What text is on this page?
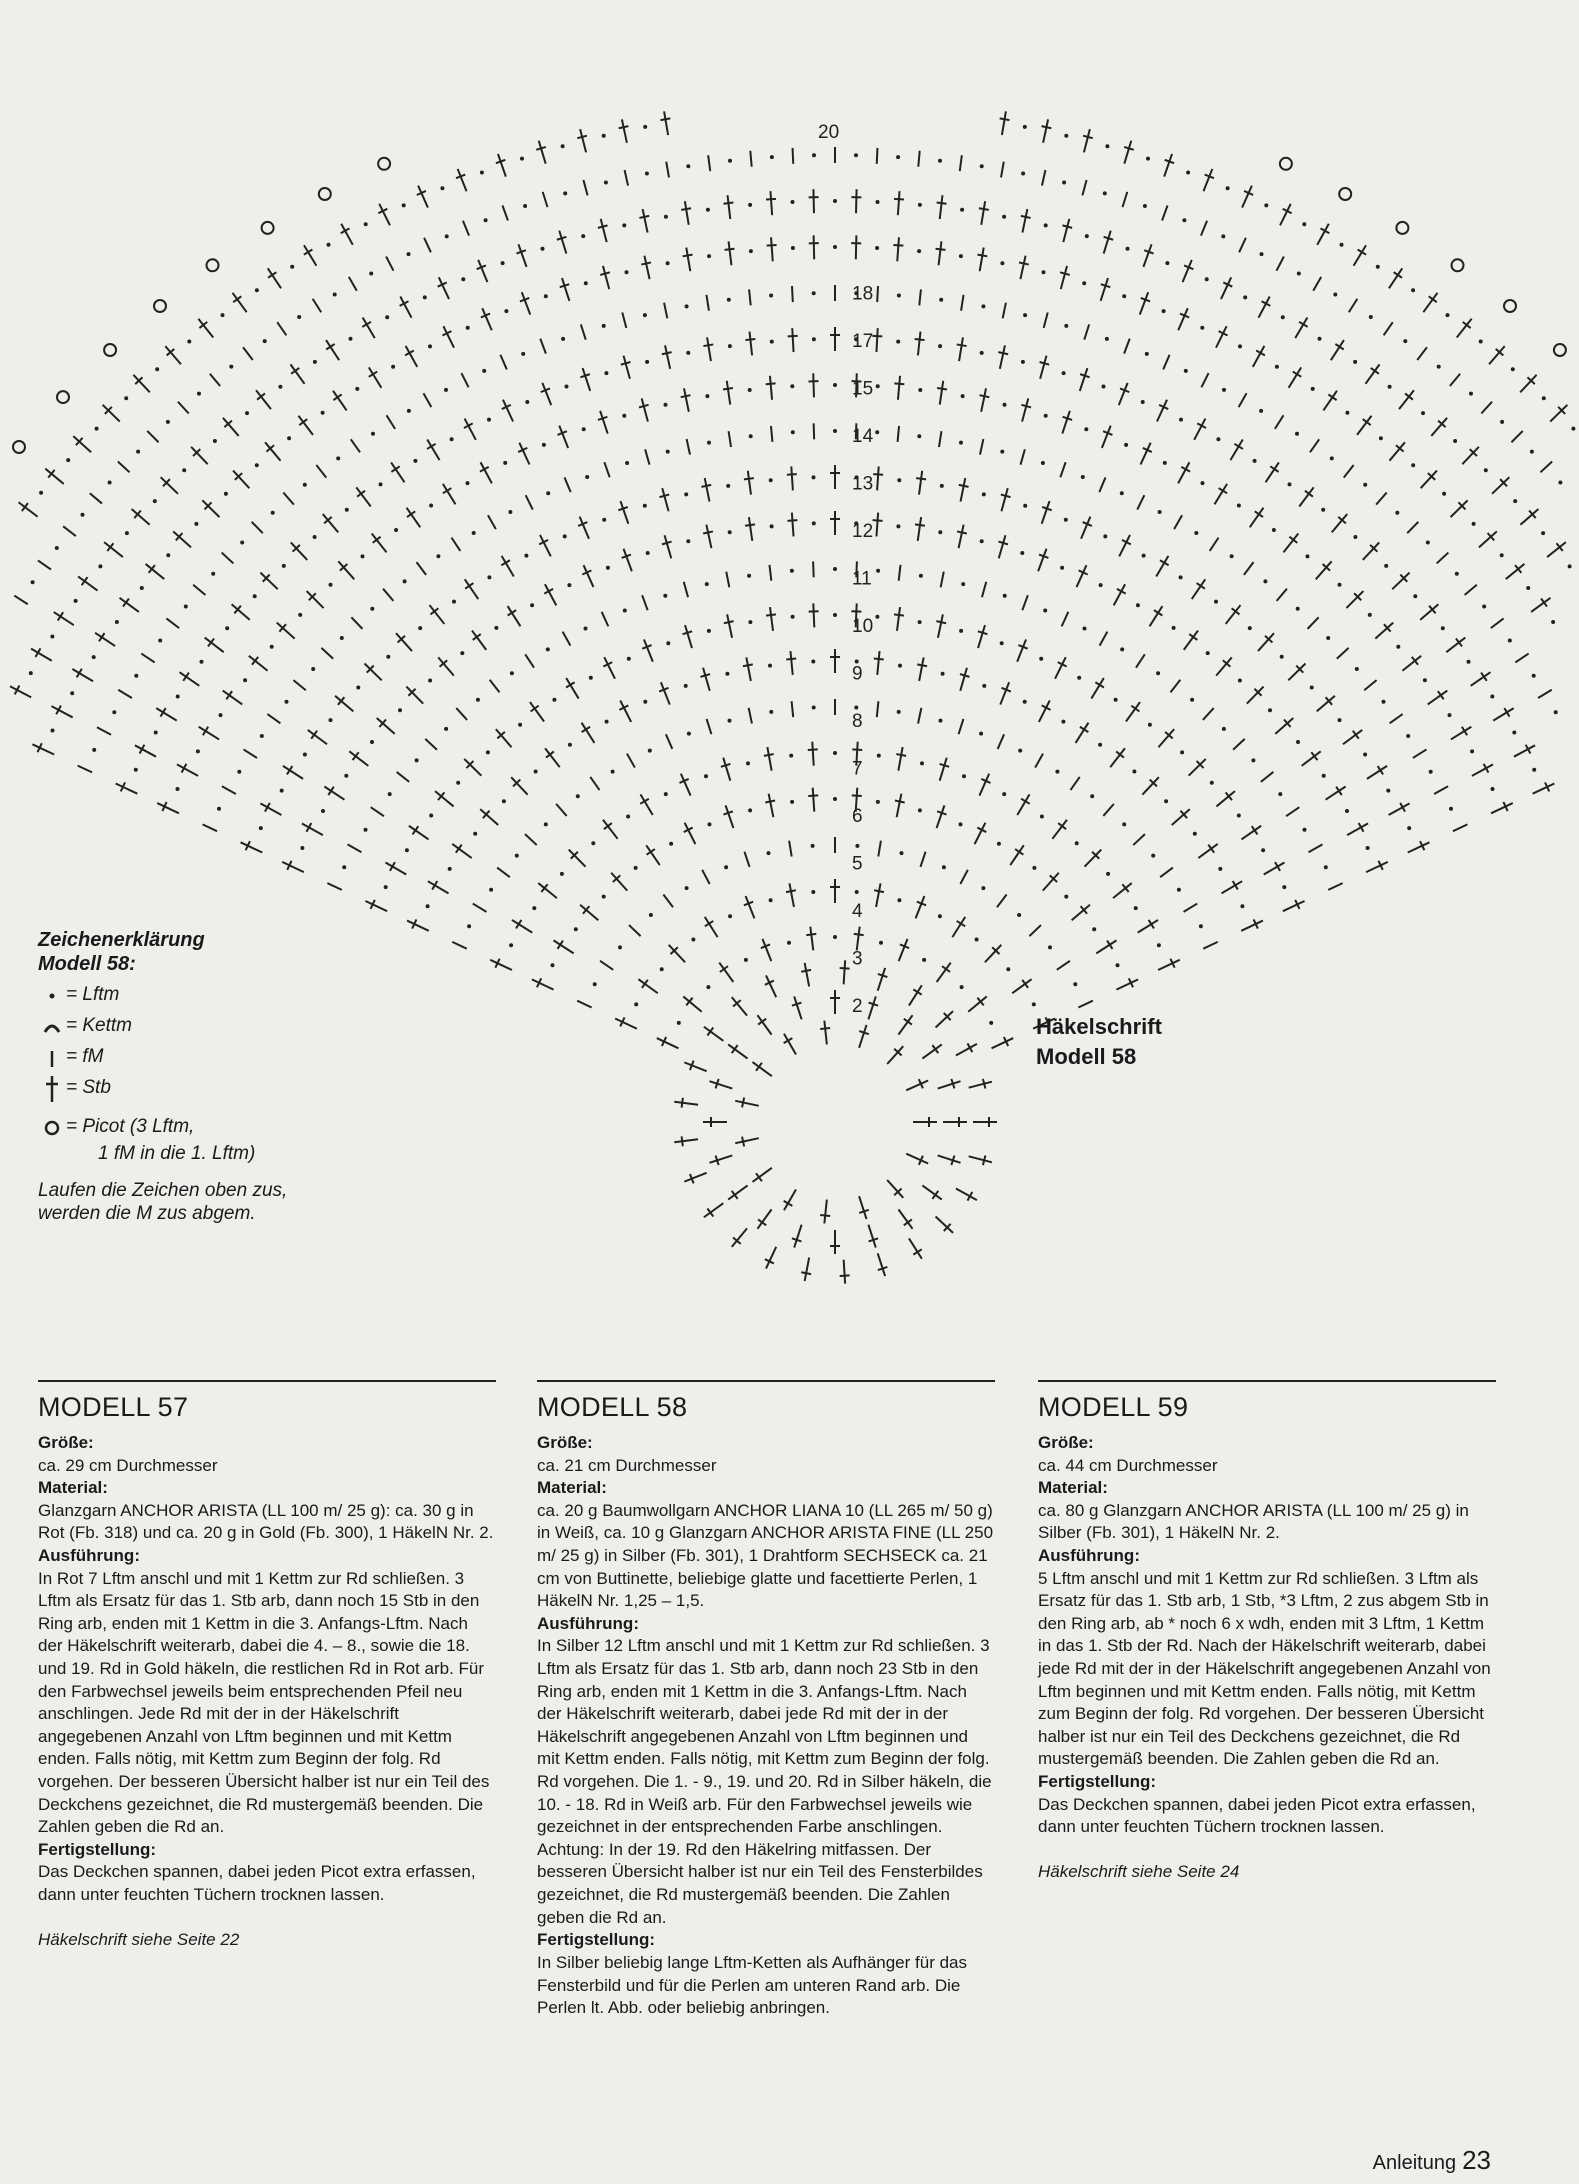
20
18
17
15
14
13
12
11
10
9
8
7
6
5
4
3
2
Zeichenerklärung
Modell 58:
= Lftm
= Kettm
= fM
= Stb
= Picot (3 Lftm,
1 fM in die 1. Lftm)
Laufen die Zeichen oben zus, werden die M zus abgem.
Häkelschrift
Modell 58
MODELL 57
Größe:

ca. 29 cm Durchmesser

Material:

Glanzgarn ANCHOR ARISTA (LL 100 m/ 25 g): ca. 30 g in Rot (Fb. 318) und ca. 20 g in Gold (Fb. 300), 1 HäkelN Nr. 2.

Ausführung:

In Rot 7 Lftm anschl und mit 1 Kettm zur Rd schließen. 3 Lftm als Ersatz für das 1. Stb arb, dann noch 15 Stb in den Ring arb, enden mit 1 Kettm in die 3. Anfangs-Lftm. Nach der Häkelschrift weiterarb, dabei die 4. – 8., sowie die 18. und 19. Rd in Gold häkeln, die restlichen Rd in Rot arb. Für den Farbwechsel jeweils beim entsprechenden Pfeil neu anschlingen. Jede Rd mit der in der Häkelschrift angegebenen Anzahl von Lftm beginnen und mit Kettm enden. Falls nötig, mit Kettm zum Beginn der folg. Rd vorgehen. Der besseren Übersicht halber ist nur ein Teil des Deckchens gezeichnet, die Rd mustergemäß beenden. Die Zahlen geben die Rd an.

Fertigstellung:

Das Deckchen spannen, dabei jeden Picot extra erfassen, dann unter feuchten Tüchern trocknen lassen.

Häkelschrift siehe Seite 22

MODELL 58
Größe:

ca. 21 cm Durchmesser

Material:

ca. 20 g Baumwollgarn ANCHOR LIANA 10 (LL 265 m/ 50 g) in Weiß, ca. 10 g Glanzgarn ANCHOR ARISTA FINE (LL 250 m/ 25 g) in Silber (Fb. 301), 1 Drahtform SECHSECK ca. 21 cm von Buttinette, beliebige glatte und facettierte Perlen, 1 HäkelN Nr. 1,25 – 1,5.

Ausführung:

In Silber 12 Lftm anschl und mit 1 Kettm zur Rd schließen. 3 Lftm als Ersatz für das 1. Stb arb, dann noch 23 Stb in den Ring arb, enden mit 1 Kettm in die 3. Anfangs-Lftm. Nach der Häkelschrift weiterarb, dabei jede Rd mit der in der Häkelschrift angegebenen Anzahl von Lftm beginnen und mit Kettm enden. Falls nötig, mit Kettm zum Beginn der folg. Rd vorgehen. Die 1. - 9., 19. und 20. Rd in Silber häkeln, die 10. - 18. Rd in Weiß arb. Für den Farbwechsel jeweils wie gezeichnet in der entsprechenden Farbe anschlingen. Achtung: In der 19. Rd den Häkelring mitfassen. Der besseren Übersicht halber ist nur ein Teil des Fensterbildes gezeichnet, die Rd mustergemäß beenden. Die Zahlen geben die Rd an.

Fertigstellung:

In Silber beliebig lange Lftm-Ketten als Aufhänger für das Fensterbild und für die Perlen am unteren Rand arb. Die Perlen lt. Abb. oder beliebig anbringen.

MODELL 59
Größe:

ca. 44 cm Durchmesser

Material:

ca. 80 g Glanzgarn ANCHOR ARISTA (LL 100 m/ 25 g) in Silber (Fb. 301), 1 HäkelN Nr. 2.

Ausführung:

5 Lftm anschl und mit 1 Kettm zur Rd schließen. 3 Lftm als Ersatz für das 1. Stb arb, 1 Stb, *3 Lftm, 2 zus abgem Stb in den Ring arb, ab * noch 6 x wdh, enden mit 3 Lftm, 1 Kettm in das 1. Stb der Rd. Nach der Häkelschrift weiterarb, dabei jede Rd mit der in der Häkelschrift angegebenen Anzahl von Lftm beginnen und mit Kettm enden. Falls nötig, mit Kettm zum Beginn der folg. Rd vorgehen. Der besseren Übersicht halber ist nur ein Teil des Deckchens gezeichnet, die Rd mustergemäß beenden. Die Zahlen geben die Rd an.

Fertigstellung:

Das Deckchen spannen, dabei jeden Picot extra erfassen, dann unter feuchten Tüchern trocknen lassen.

Häkelschrift siehe Seite 24

Anleitung 23
